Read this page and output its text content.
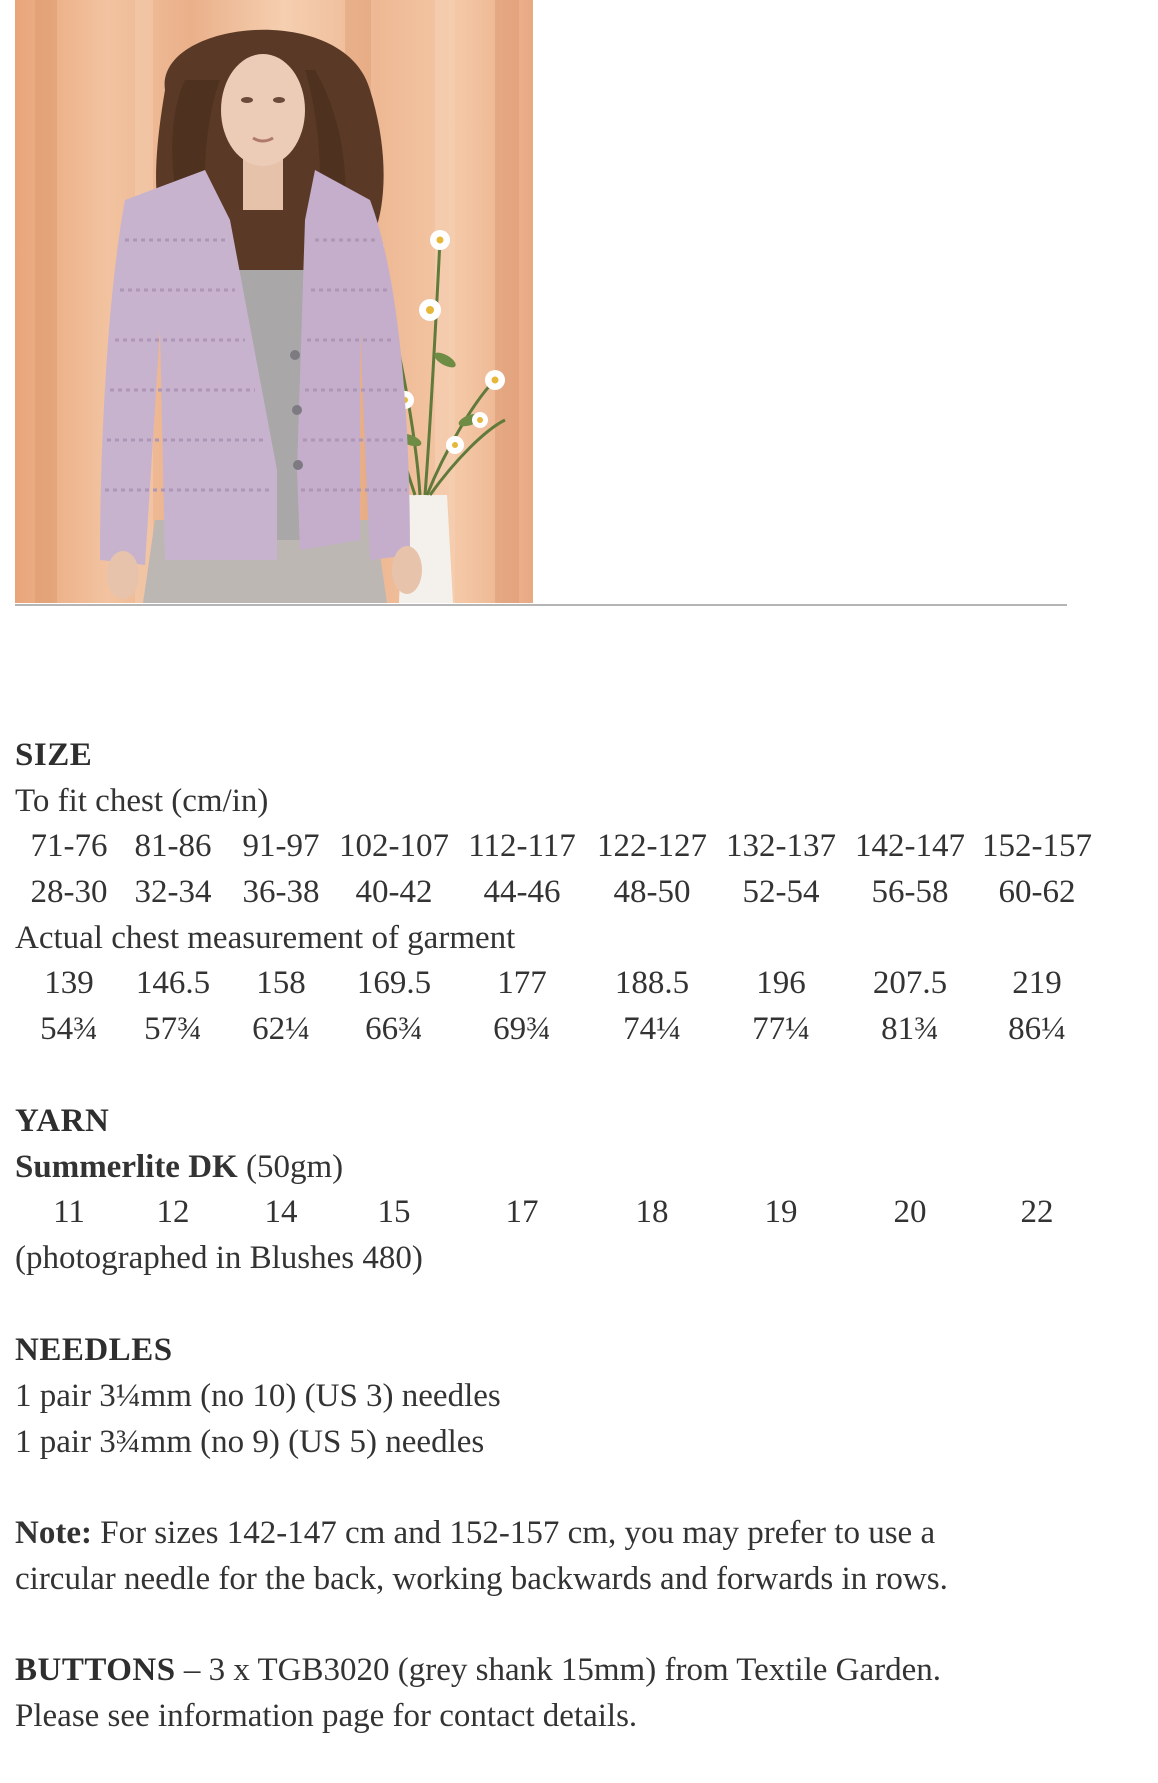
SIZE
To fit chest (cm/in)
71-76 81-86 91-97 102-107 112-117 122-127 132-137 142-147 152-157
28-30 32-34 36-38	40-42	44-46	48-50	52-54	56-58	60-62
Actual chest measurement of garment
139	146.5	158	169.5	177	188.5	196	207.5	219
54¾	57¾	62¼	66¾	69¾	74¼	77¼	81¾	86¼
YARN
Summerlite DK (50gm)
11	12	14	15	17	18	19	20	22
(photographed in Blushes 480)
NEEDLES
1 pair 3¼mm (no 10) (US 3) needles
1 pair 3¾mm (no 9) (US 5) needles
Note: For sizes 142-147 cm and 152-157 cm, you may prefer to use a
circular needle for the back, working backwards and forwards in rows.
BUTTONS – 3 x TGB3020 (grey shank 15mm) from Textile Garden.
Please see information page for contact details.
